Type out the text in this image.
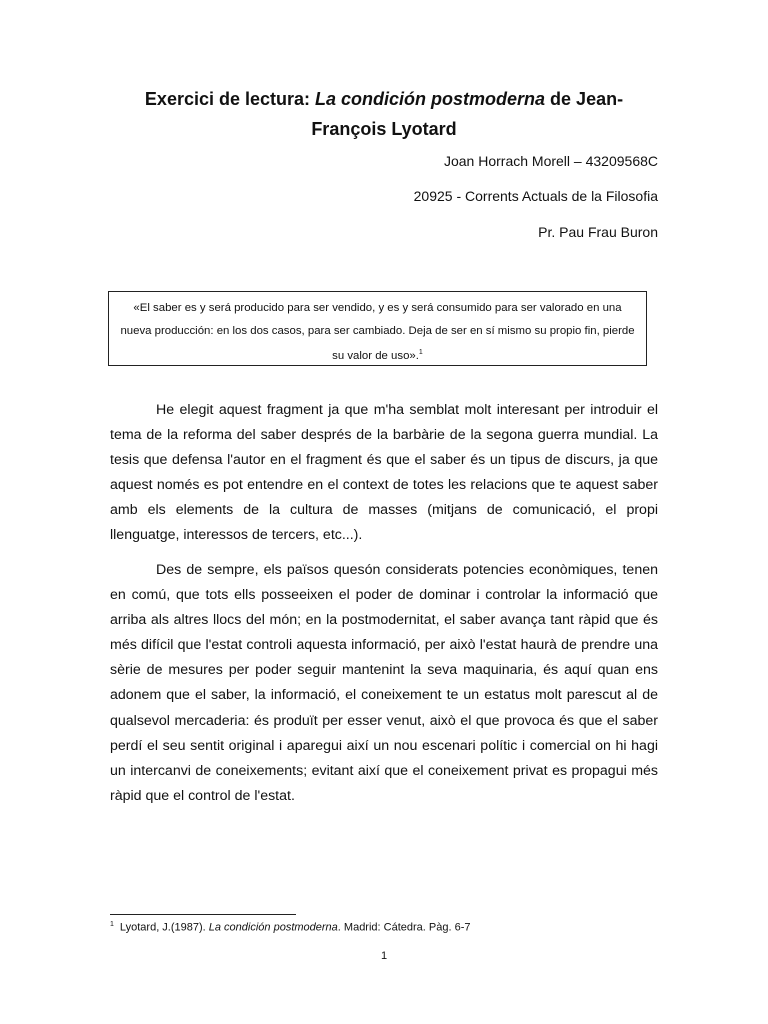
Exercici de lectura: La condición postmoderna de Jean-François Lyotard
Joan Horrach Morell – 43209568C
20925 - Corrents Actuals de la Filosofia
Pr. Pau Frau Buron
«El saber es y será producido para ser vendido, y es y será consumido para ser valorado en una nueva producción: en los dos casos, para ser cambiado. Deja de ser en sí mismo su propio fin, pierde su valor de uso».$^1$

He elegit aquest fragment ja que m'ha semblat molt interesant per introduir el tema de la reforma del saber després de la barbàrie de la segona guerra mundial. La tesis que defensa l'autor en el fragment és que el saber és un tipus de discurs, ja que aquest només es pot entendre en el context de totes les relacions que te aquest saber amb els elements de la cultura de masses (mitjans de comunicació, el propi llenguatge, interessos de tercers, etc...).

Des de sempre, els països quesón considerats potencies econòmiques, tenen en comú, que tots ells posseeixen el poder de dominar i controlar la informació que arriba als altres llocs del món; en la postmodernitat, el saber avança tant ràpid que és més difícil que l'estat controli aquesta informació, per això l'estat haurà de prendre una sèrie de mesures per poder seguir mantenint la seva maquinaria, és aquí quan ens adonem que el saber, la informació, el coneixement te un estatus molt parescut al de qualsevol mercaderia: és produït per esser venut, això el que provoca és que el saber perdí el seu sentit original i aparegui així un nou escenari polític i comercial on hi hagi un intercanvi de coneixements; evitant així que el coneixement privat es propagui més ràpid que el control de l'estat.

$^1$ Lyotard, J.(1987). La condición postmoderna. Madrid: Cátedra. Pàg. 6-7
1
